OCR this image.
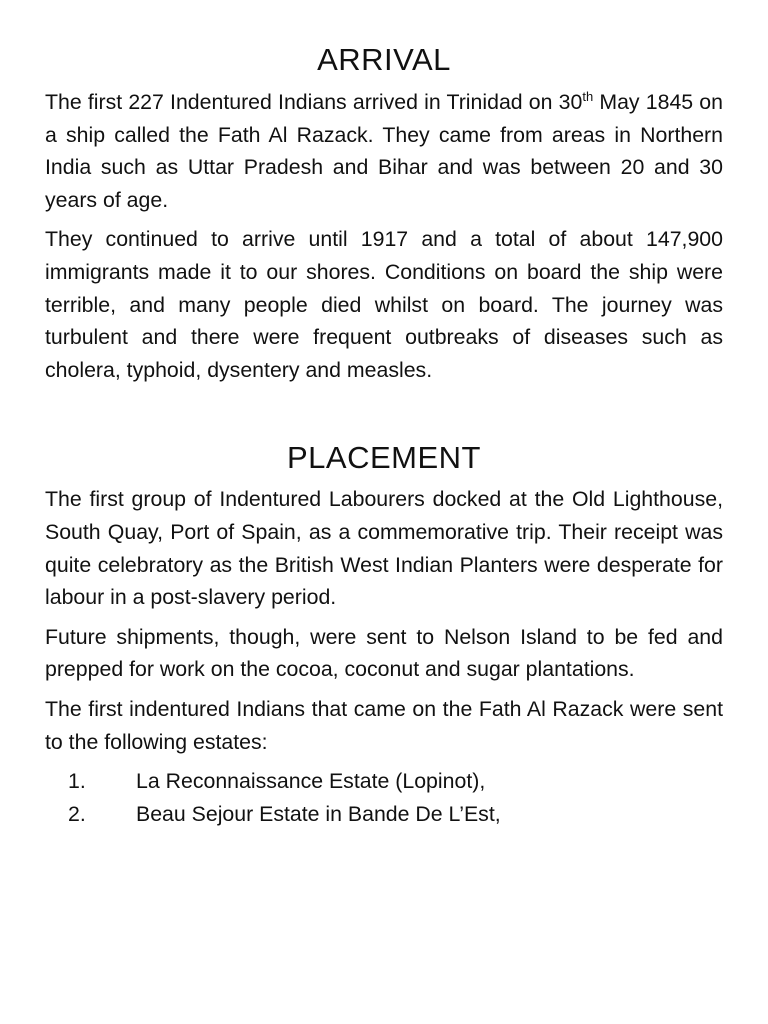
ARRIVAL

The first 227 Indentured Indians arrived in Trinidad on 30th May 1845 on a ship called the Fath Al Razack. They came from areas in Northern India such as Uttar Pradesh and Bihar and was between 20 and 30 years of age.

They continued to arrive until 1917 and a total of about 147,900 immigrants made it to our shores. Conditions on board the ship were terrible, and many people died whilst on board. The journey was turbulent and there were frequent outbreaks of diseases such as cholera, typhoid, dysentery and measles.

PLACEMENT

The first group of Indentured Labourers docked at the Old Lighthouse, South Quay, Port of Spain, as a commemorative trip. Their receipt was quite celebratory as the British West Indian Planters were desperate for labour in a post-slavery period.

Future shipments, though, were sent to Nelson Island to be fed and prepped for work on the cocoa, coconut and sugar plantations.

The first indentured Indians that came on the Fath Al Razack were sent to the following estates:

1.	La Reconnaissance Estate (Lopinot),
2.	Beau Sejour Estate in Bande De L’Est,
